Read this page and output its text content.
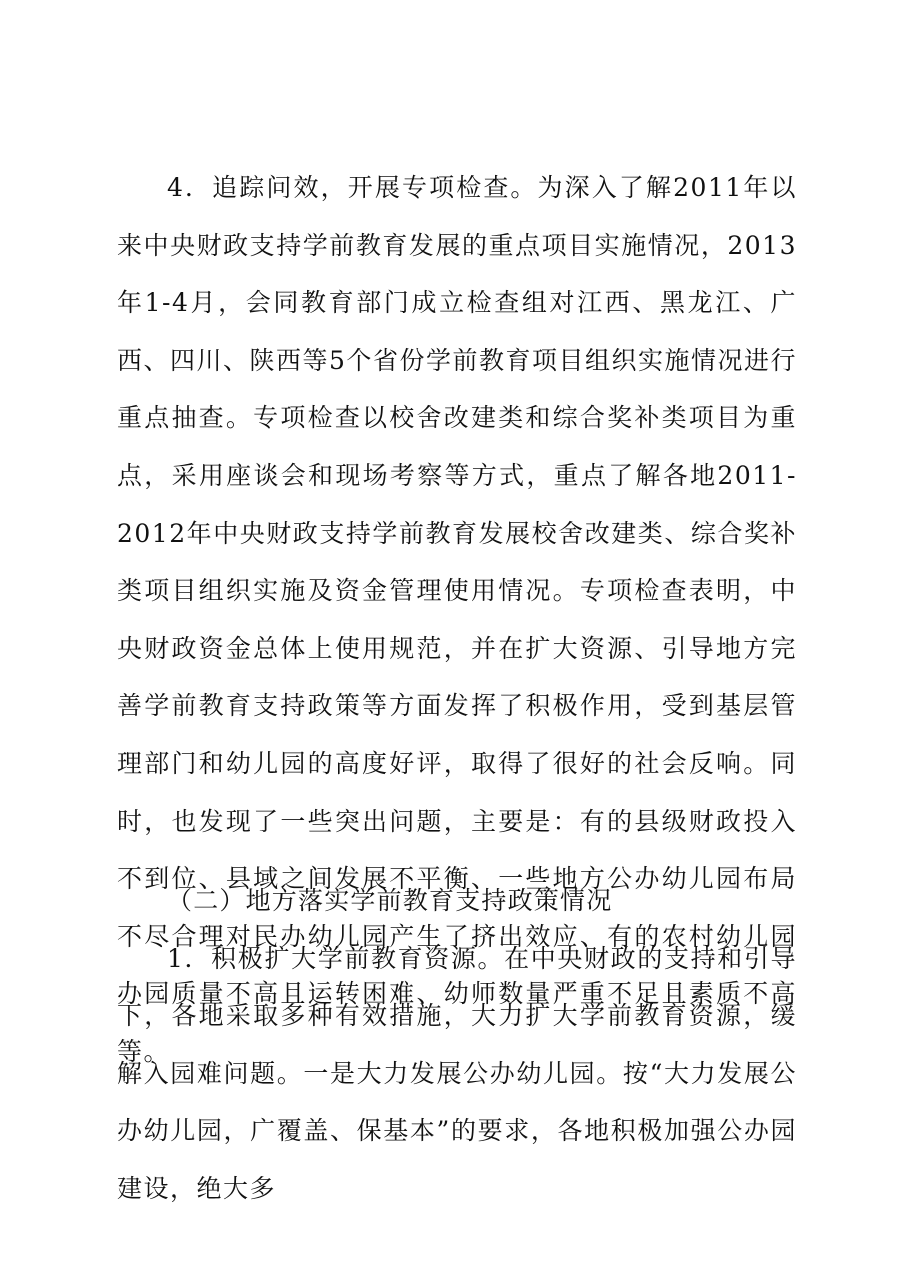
4．追踪问效，开展专项检查。为深入了解2011年以来中央财政支持学前教育发展的重点项目实施情况，2013年1-4月，会同教育部门成立检查组对江西、黑龙江、广西、四川、陕西等5个省份学前教育项目组织实施情况进行重点抽查。专项检查以校舍改建类和综合奖补类项目为重点，采用座谈会和现场考察等方式，重点了解各地2011-2012年中央财政支持学前教育发展校舍改建类、综合奖补类项目组织实施及资金管理使用情况。专项检查表明，中央财政资金总体上使用规范，并在扩大资源、引导地方完善学前教育支持政策等方面发挥了积极作用，受到基层管理部门和幼儿园的高度好评，取得了很好的社会反响。同时，也发现了一些突出问题，主要是：有的县级财政投入不到位、县域之间发展不平衡、一些地方公办幼儿园布局不尽合理对民办幼儿园产生了挤出效应、有的农村幼儿园办园质量不高且运转困难、幼师数量严重不足且素质不高等。

（二）地方落实学前教育支持政策情况

1．积极扩大学前教育资源。在中央财政的支持和引导下，各地采取多种有效措施，大力扩大学前教育资源，缓解入园难问题。一是大力发展公办幼儿园。按“大力发展公办幼儿园，广覆盖、保基本”的要求，各地积极加强公办园建设，绝大多
